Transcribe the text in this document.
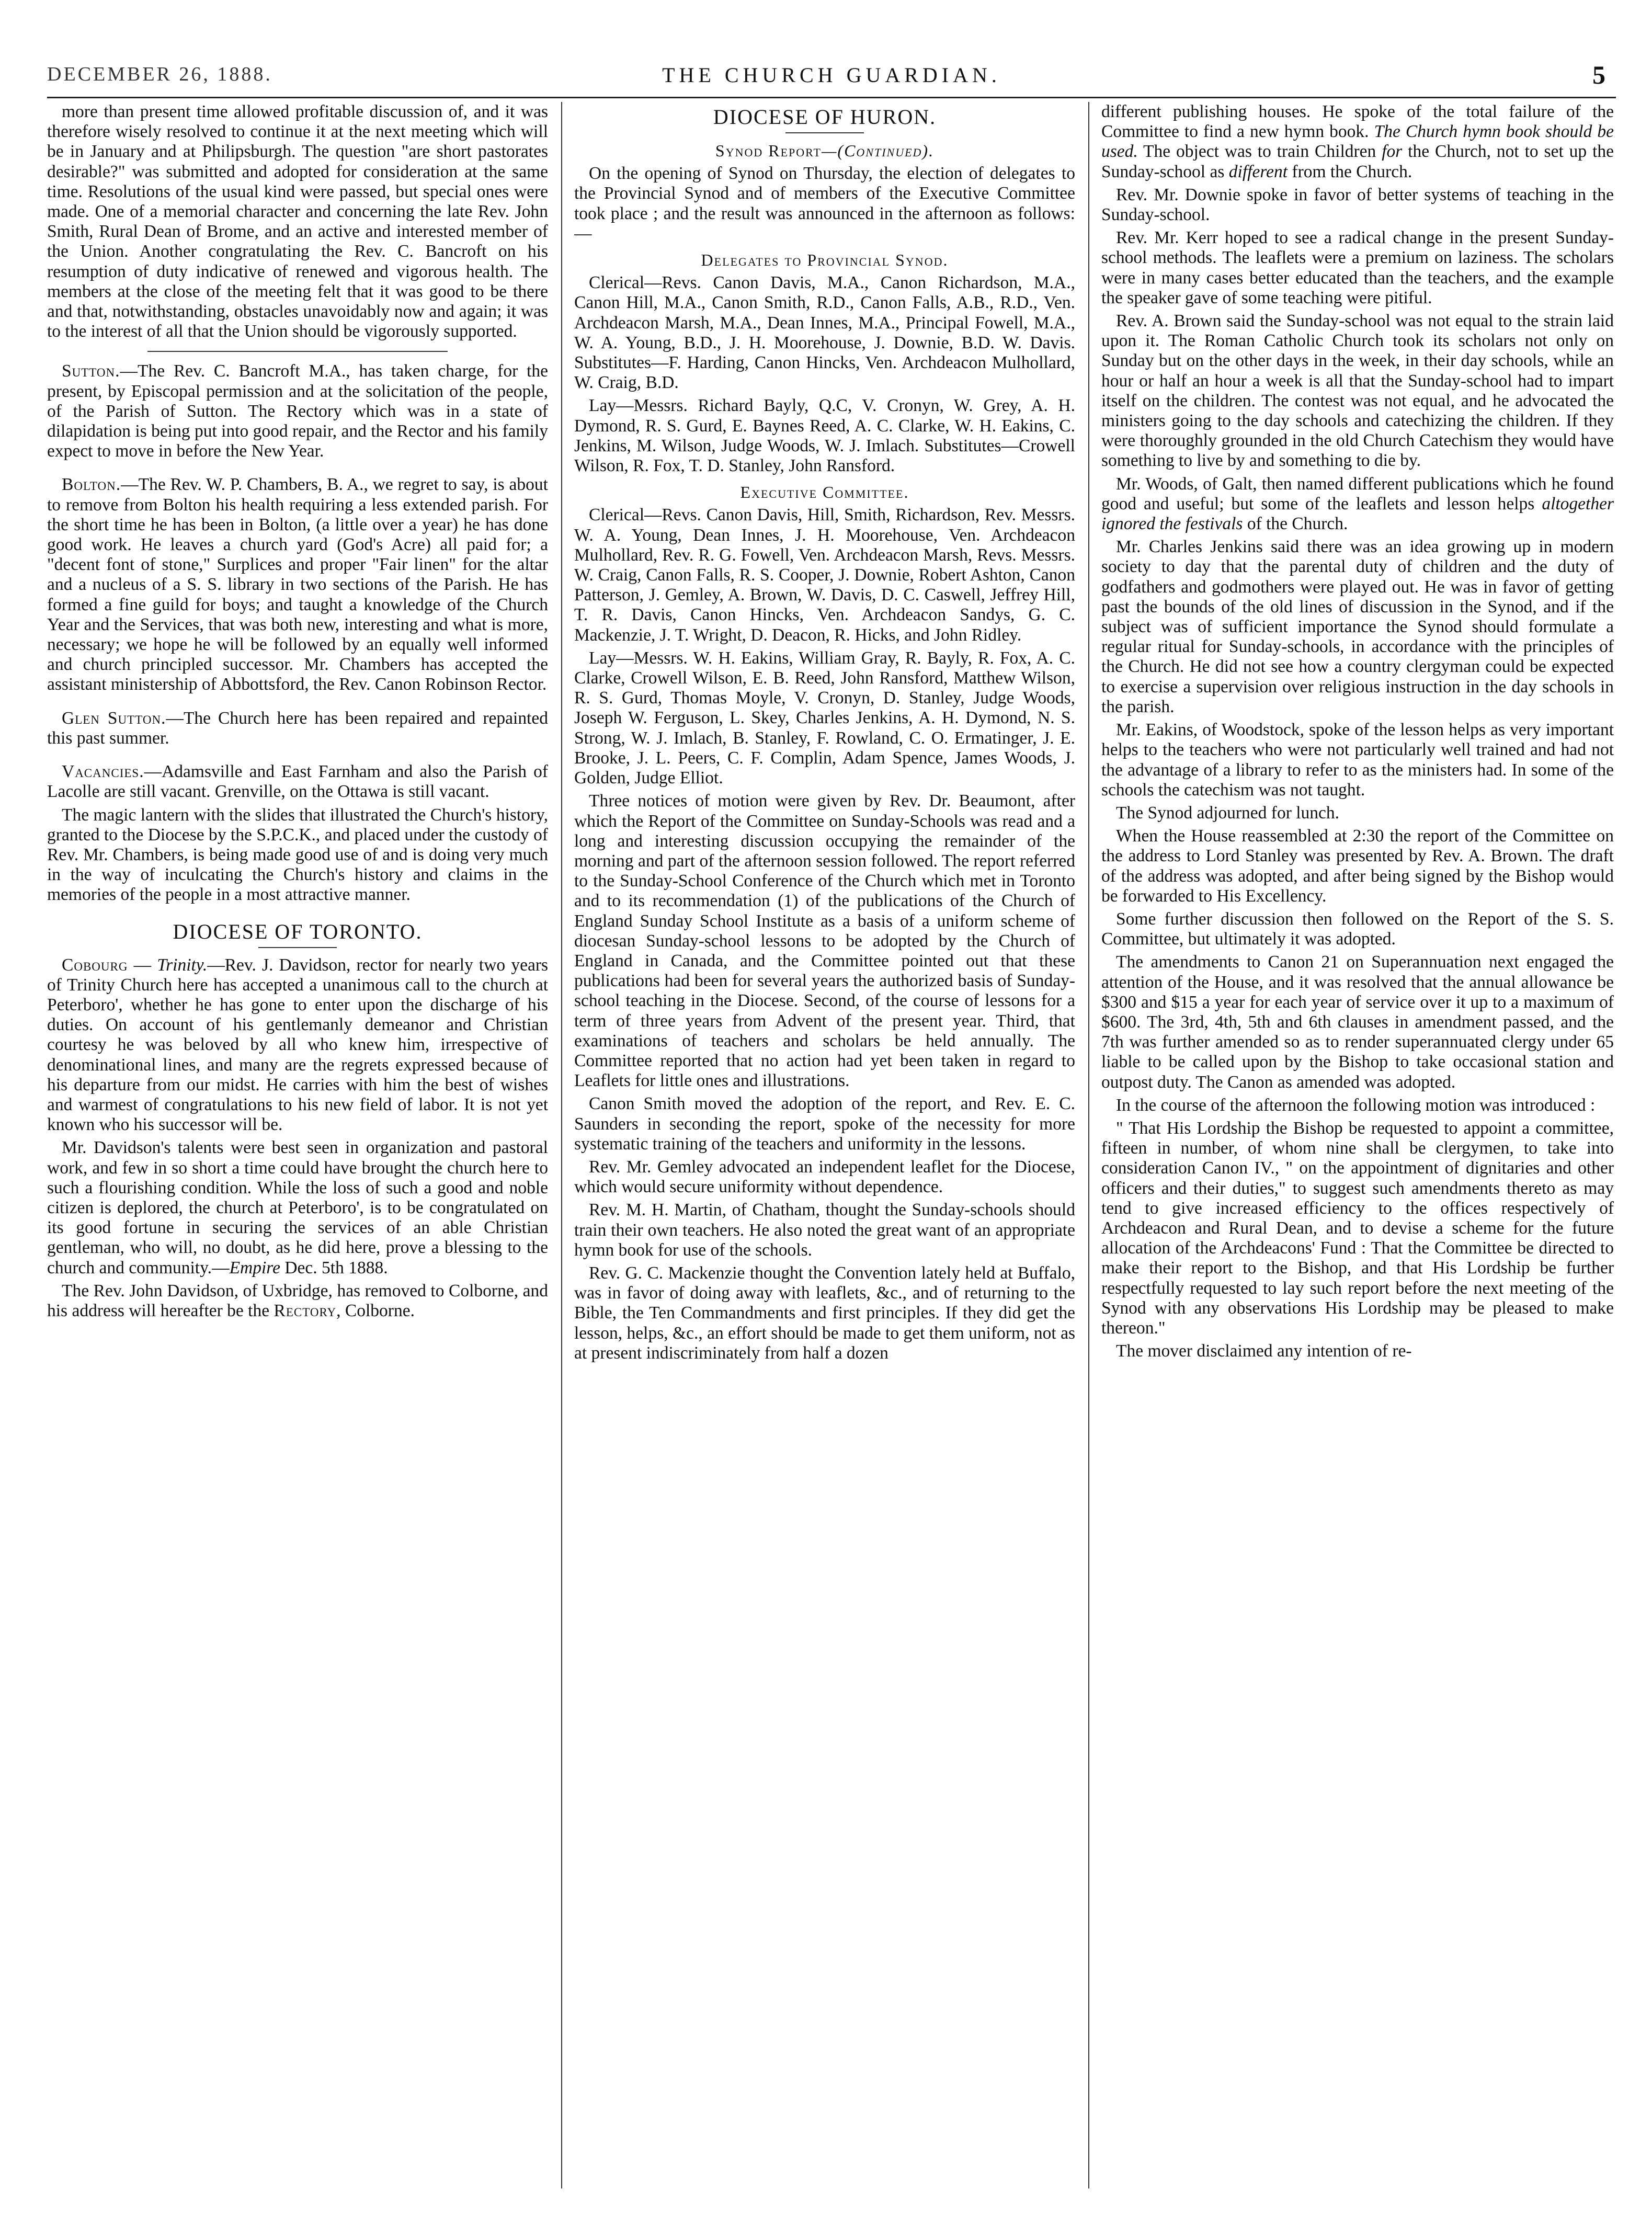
DECEMBER 26, 1888.	THE CHURCH GUARDIAN.	5

more than present time allowed profitable discussion of, and it was therefore wisely resolved to continue it at the next meeting which will be in January and at Philipsburgh. The question "are short pastorates desirable?" was submitted and adopted for consideration at the same time. Resolutions of the usual kind were passed, but special ones were made. One of a memorial character and concerning the late Rev. John Smith, Rural Dean of Brome, and an active and interested member of the Union. Another congratulating the Rev. C. Bancroft on his resumption of duty indicative of renewed and vigorous health. The members at the close of the meeting felt that it was good to be there and that, notwithstanding, obstacles unavoidably now and again; it was to the interest of all that the Union should be vigorously supported.

Sutton.—The Rev. C. Bancroft M.A., has taken charge, for the present, by Episcopal permission and at the solicitation of the people, of the Parish of Sutton. The Rectory which was in a state of dilapidation is being put into good repair, and the Rector and his family expect to move in before the New Year.

Bolton.—The Rev. W. P. Chambers, B. A., we regret to say, is about to remove from Bolton his health requiring a less extended parish. For the short time he has been in Bolton, (a little over a year) he has done good work. He leaves a church yard (God's Acre) all paid for; a "decent font of stone," Surplices and proper "Fair linen" for the altar and a nucleus of a S. S. library in two sections of the Parish. He has formed a fine guild for boys; and taught a knowledge of the Church Year and the Services, that was both new, interesting and what is more, necessary; we hope he will be followed by an equally well informed and church principled successor. Mr. Chambers has accepted the assistant ministership of Abbottsford, the Rev. Canon Robinson Rector.

Glen Sutton.—The Church here has been repaired and repainted this past summer.

Vacancies.—Adamsville and East Farnham and also the Parish of Lacolle are still vacant. Grenville, on the Ottawa is still vacant.

The magic lantern with the slides that illustrated the Church's history, granted to the Diocese by the S.P.C.K., and placed under the custody of Rev. Mr. Chambers, is being made good use of and is doing very much in the way of inculcating the Church's history and claims in the memories of the people in a most attractive manner.

DIOCESE OF TORONTO.

Cobourg — Trinity.—Rev. J. Davidson, rector for nearly two years of Trinity Church here has accepted a unanimous call to the church at Peterboro', whether he has gone to enter upon the discharge of his duties. On account of his gentlemanly demeanor and Christian courtesy he was beloved by all who knew him, irrespective of denominational lines, and many are the regrets expressed because of his departure from our midst. He carries with him the best of wishes and warmest of congratulations to his new field of labor. It is not yet known who his successor will be.

Mr. Davidson's talents were best seen in organization and pastoral work, and few in so short a time could have brought the church here to such a flourishing condition. While the loss of such a good and noble citizen is deplored, the church at Peterboro', is to be congratulated on its good fortune in securing the services of an able Christian gentleman, who will, no doubt, as he did here, prove a blessing to the church and community.—Empire Dec. 5th 1888.

The Rev. John Davidson, of Uxbridge, has removed to Colborne, and his address will hereafter be the Rectory, Colborne.

DIOCESE OF HURON.
Synod Report—(Continued).

On the opening of Synod on Thursday, the election of delegates to the Provincial Synod and of members of the Executive Committee took place ; and the result was announced in the afternoon as follows:—

Delegates to Provincial Synod.

Clerical—Revs. Canon Davis, M.A., Canon Richardson, M.A., Canon Hill, M.A., Canon Smith, R.D., Canon Falls, A.B., R.D., Ven. Archdeacon Marsh, M.A., Dean Innes, M.A., Principal Fowell, M.A., W. A. Young, B.D., J. H. Moorehouse, J. Downie, B.D. W. Davis. Substitutes—F. Harding, Canon Hincks, Ven. Archdeacon Mulhollard, W. Craig, B.D.

Lay—Messrs. Richard Bayly, Q.C, V. Cronyn, W. Grey, A. H. Dymond, R. S. Gurd, E. Baynes Reed, A. C. Clarke, W. H. Eakins, C. Jenkins, M. Wilson, Judge Woods, W. J. Imlach. Substitutes—Crowell Wilson, R. Fox, T. D. Stanley, John Ransford.

Executive Committee.

Clerical—Revs. Canon Davis, Hill, Smith, Richardson, Rev. Messrs. W. A. Young, Dean Innes, J. H. Moorehouse, Ven. Archdeacon Mulhollard, Rev. R. G. Fowell, Ven. Archdeacon Marsh, Revs. Messrs. W. Craig, Canon Falls, R. S. Cooper, J. Downie, Robert Ashton, Canon Patterson, J. Gemley, A. Brown, W. Davis, D. C. Caswell, Jeffrey Hill, T. R. Davis, Canon Hincks, Ven. Archdeacon Sandys, G. C. Mackenzie, J. T. Wright, D. Deacon, R. Hicks, and John Ridley.

Lay—Messrs. W. H. Eakins, William Gray, R. Bayly, R. Fox, A. C. Clarke, Crowell Wilson, E. B. Reed, John Ransford, Matthew Wilson, R. S. Gurd, Thomas Moyle, V. Cronyn, D. Stanley, Judge Woods, Joseph W. Ferguson, L. Skey, Charles Jenkins, A. H. Dymond, N. S. Strong, W. J. Imlach, B. Stanley, F. Rowland, C. O. Ermatinger, J. E. Brooke, J. L. Peers, C. F. Complin, Adam Spence, James Woods, J. Golden, Judge Elliot.

Three notices of motion were given by Rev. Dr. Beaumont, after which the Report of the Committee on Sunday-Schools was read and a long and interesting discussion occupying the remainder of the morning and part of the afternoon session followed. The report referred to the Sunday-School Conference of the Church which met in Toronto and to its recommendation (1) of the publications of the Church of England Sunday School Institute as a basis of a uniform scheme of diocesan Sunday-school lessons to be adopted by the Church of England in Canada, and the Committee pointed out that these publications had been for several years the authorized basis of Sunday-school teaching in the Diocese. Second, of the course of lessons for a term of three years from Advent of the present year. Third, that examinations of teachers and scholars be held annually. The Committee reported that no action had yet been taken in regard to Leaflets for little ones and illustrations.

Canon Smith moved the adoption of the report, and Rev. E. C. Saunders in seconding the report, spoke of the necessity for more systematic training of the teachers and uniformity in the lessons.

Rev. Mr. Gemley advocated an independent leaflet for the Diocese, which would secure uniformity without dependence.

Rev. M. H. Martin, of Chatham, thought the Sunday-schools should train their own teachers. He also noted the great want of an appropriate hymn book for use of the schools.

Rev. G. C. Mackenzie thought the Convention lately held at Buffalo, was in favor of doing away with leaflets, &c., and of returning to the Bible, the Ten Commandments and first principles. If they did get the lesson, helps, &c., an effort should be made to get them uniform, not as at present indiscriminately from half a dozen

different publishing houses. He spoke of the total failure of the Committee to find a new hymn book. The Church hymn book should be used. The object was to train Children for the Church, not to set up the Sunday-school as different from the Church.

Rev. Mr. Downie spoke in favor of better systems of teaching in the Sunday-school.

Rev. Mr. Kerr hoped to see a radical change in the present Sunday-school methods. The leaflets were a premium on laziness. The scholars were in many cases better educated than the teachers, and the example the speaker gave of some teaching were pitiful.

Rev. A. Brown said the Sunday-school was not equal to the strain laid upon it. The Roman Catholic Church took its scholars not only on Sunday but on the other days in the week, in their day schools, while an hour or half an hour a week is all that the Sunday-school had to impart itself on the children. The contest was not equal, and he advocated the ministers going to the day schools and catechizing the children. If they were thoroughly grounded in the old Church Catechism they would have something to live by and something to die by.

Mr. Woods, of Galt, then named different publications which he found good and useful; but some of the leaflets and lesson helps altogether ignored the festivals of the Church.

Mr. Charles Jenkins said there was an idea growing up in modern society to day that the parental duty of children and the duty of godfathers and godmothers were played out. He was in favor of getting past the bounds of the old lines of discussion in the Synod, and if the subject was of sufficient importance the Synod should formulate a regular ritual for Sunday-schools, in accordance with the principles of the Church. He did not see how a country clergyman could be expected to exercise a supervision over religious instruction in the day schools in the parish.

Mr. Eakins, of Woodstock, spoke of the lesson helps as very important helps to the teachers who were not particularly well trained and had not the advantage of a library to refer to as the ministers had. In some of the schools the catechism was not taught.

The Synod adjourned for lunch.

When the House reassembled at 2:30 the report of the Committee on the address to Lord Stanley was presented by Rev. A. Brown. The draft of the address was adopted, and after being signed by the Bishop would be forwarded to His Excellency.

Some further discussion then followed on the Report of the S. S. Committee, but ultimately it was adopted.

The amendments to Canon 21 on Superannuation next engaged the attention of the House, and it was resolved that the annual allowance be $300 and $15 a year for each year of service over it up to a maximum of $600. The 3rd, 4th, 5th and 6th clauses in amendment passed, and the 7th was further amended so as to render superannuated clergy under 65 liable to be called upon by the Bishop to take occasional station and outpost duty. The Canon as amended was adopted.

In the course of the afternoon the following motion was introduced :

" That His Lordship the Bishop be requested to appoint a committee, fifteen in number, of whom nine shall be clergymen, to take into consideration Canon IV., " on the appointment of dignitaries and other officers and their duties," to suggest such amendments thereto as may tend to give increased efficiency to the offices respectively of Archdeacon and Rural Dean, and to devise a scheme for the future allocation of the Archdeacons' Fund : That the Committee be directed to make their report to the Bishop, and that His Lordship be further respectfully requested to lay such report before the next meeting of the Synod with any observations His Lordship may be pleased to make thereon."

The mover disclaimed any intention of re-
